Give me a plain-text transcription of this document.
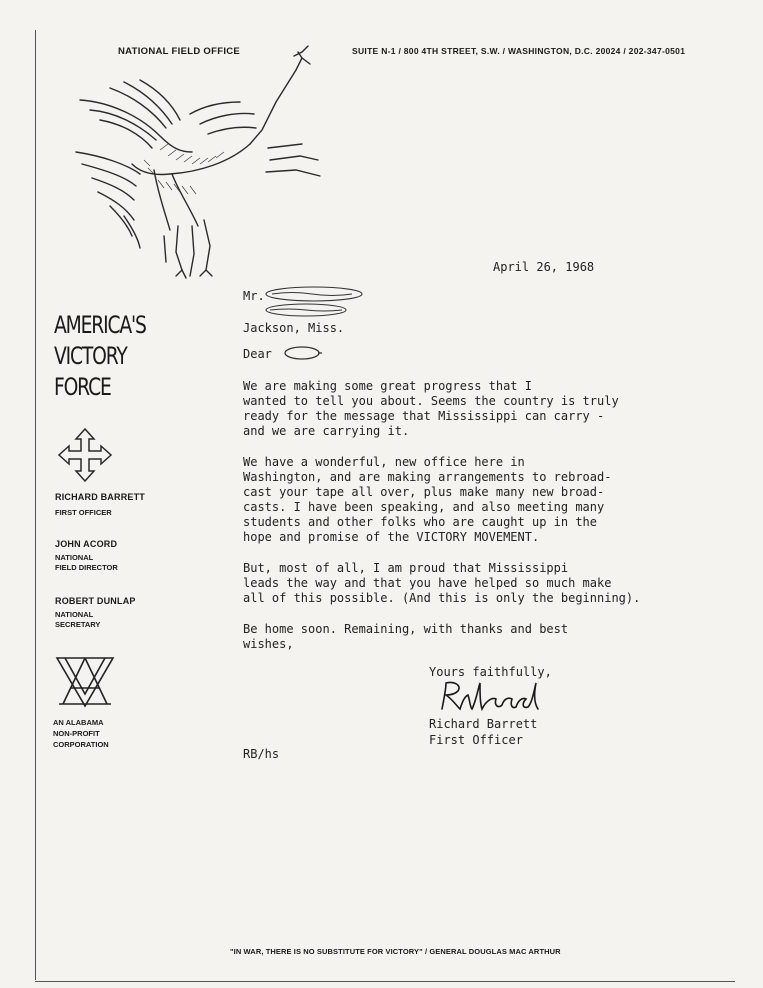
NATIONAL FIELD OFFICE	SUITE N-1 / 800 4TH STREET, S.W. / WASHINGTON, D.C. 20024 / 202-347-0501
AMERICA'S
VICTORY
FORCE
RICHARD BARRETT
FIRST OFFICER
JOHN ACORD
NATIONAL
FIELD DIRECTOR
ROBERT DUNLAP
NATIONAL
SECRETARY
AN ALABAMA
NON-PROFIT
CORPORATION
April 26, 1968
Mr.

Jackson, Miss.
Dear

We are making some great progress that I
wanted to tell you about. Seems the country is truly
ready for the message that Mississippi can carry -
and we are carrying it.

We have a wonderful, new office here in
Washington, and are making arrangements to rebroad-
cast your tape all over, plus make many new broad-
casts. I have been speaking, and also meeting many
students and other folks who are caught up in the
hope and promise of the VICTORY MOVEMENT.

But, most of all, I am proud that Mississippi
leads the way and that you have helped so much make
all of this possible. (And this is only the beginning).

Be home soon. Remaining, with thanks and best
wishes,

Yours faithfully,
Richard Barrett
First Officer
RB/hs
"IN WAR, THERE IS NO SUBSTITUTE FOR VICTORY" / GENERAL DOUGLAS MAC ARTHUR
